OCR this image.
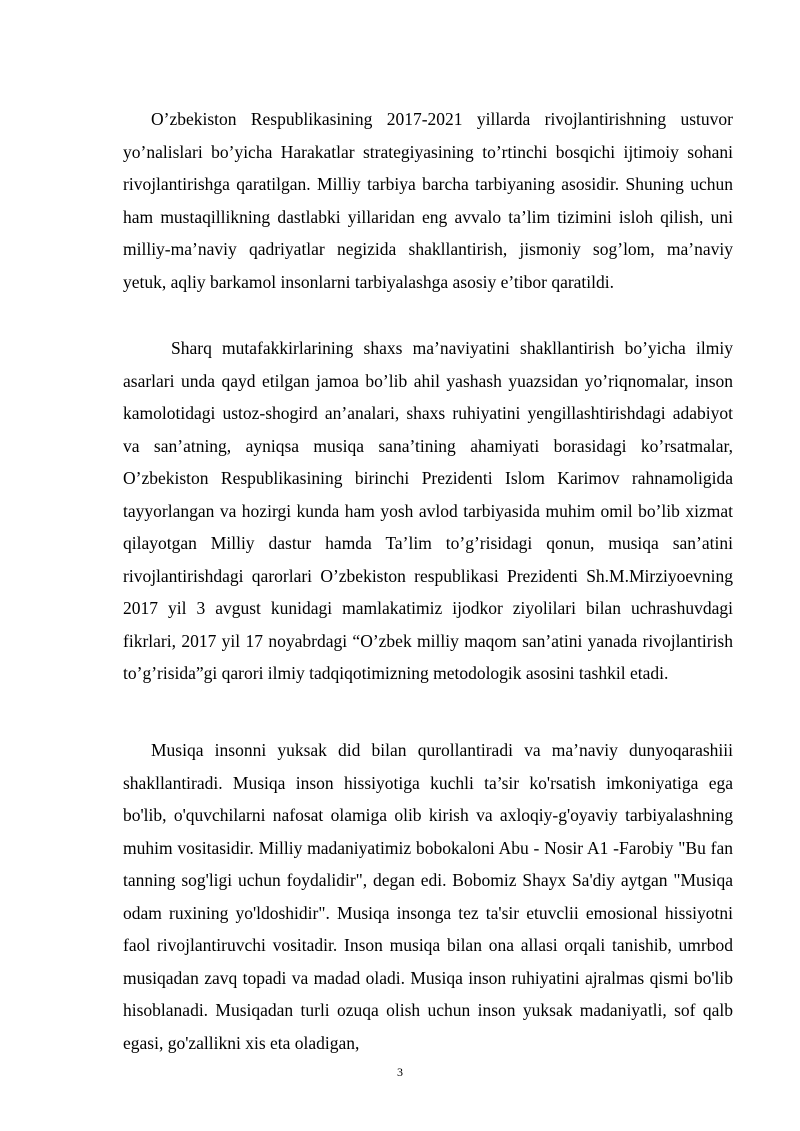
O’zbekiston Respublikasining 2017-2021 yillarda rivojlantirishning ustuvor yo’nalislari bo’yicha Harakatlar strategiyasining to’rtinchi bosqichi ijtimoiy sohani rivojlantirishga qaratilgan. Milliy tarbiya barcha tarbiyaning asosidir. Shuning uchun ham mustaqillikning dastlabki yillaridan eng avvalo ta’lim tizimini isloh qilish, uni milliy-ma’naviy qadriyatlar negizida shakllantirish, jismoniy sog’lom, ma’naviy yetuk, aqliy barkamol insonlarni tarbiyalashga asosiy e’tibor qaratildi.

Sharq mutafakkirlarining shaxs ma’naviyatini shakllantirish bo’yicha ilmiy asarlari unda qayd etilgan jamoa bo’lib ahil yashash yuazsidan yo’riqnomalar, inson kamolotidagi ustoz-shogird an’analari, shaxs ruhiyatini yengillashtirishdagi adabiyot va san’atning, ayniqsa musiqa sana’tining ahamiyati borasidagi ko’rsatmalar, O’zbekiston Respublikasining birinchi Prezidenti Islom Karimov rahnamoligida tayyorlangan va hozirgi kunda ham yosh avlod tarbiyasida muhim omil bo’lib xizmat qilayotgan Milliy dastur hamda Ta’lim to’g’risidagi qonun, musiqa san’atini rivojlantirishdagi qarorlari O’zbekiston respublikasi Prezidenti Sh.M.Mirziyoevning 2017 yil 3 avgust kunidagi mamlakatimiz ijodkor ziyolilari bilan uchrashuvdagi fikrlari, 2017 yil 17 noyabrdagi “O’zbek milliy maqom san’atini yanada rivojlantirish to’g’risida”gi qarori ilmiy tadqiqotimizning metodologik asosini tashkil etadi.

Musiqa insonni yuksak did bilan qurollantiradi va ma’naviy dunyoqarashiii shakllantiradi. Musiqa inson hissiyotiga kuchli ta’sir ko'rsatish imkoniyatiga ega bo'lib, o'quvchilarni nafosat olamiga olib kirish va axloqiy-g'oyaviy tarbiyalashning muhim vositasidir. Milliy madaniyatimiz bobokaloni Abu - Nosir A1 -Farobiy "Bu fan tanning sog'ligi uchun foydalidir", degan edi. Bobomiz Shayx Sa'diy aytgan "Musiqa odam ruxining yo'ldoshidir". Musiqa insonga tez ta'sir etuvclii emosional hissiyotni faol rivojlantiruvchi vositadir. Inson musiqa bilan ona allasi orqali tanishib, umrbod musiqadan zavq topadi va madad oladi. Musiqa inson ruhiyatini ajralmas qismi bo'lib hisoblanadi. Musiqadan turli ozuqa olish uchun inson yuksak madaniyatli, sof qalb egasi, go'zallikni xis eta oladigan,

3
